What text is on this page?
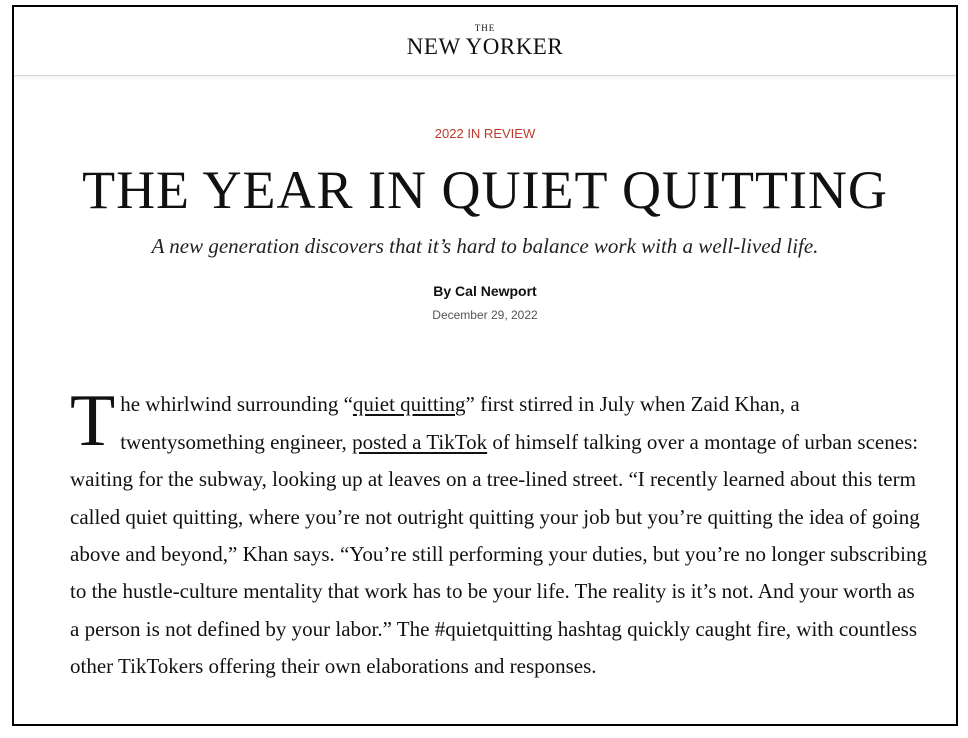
THE
NEW YORKER
2022 IN REVIEW
THE YEAR IN QUIET QUITTING

A new generation discovers that it’s hard to balance work with a well-lived life.

By Cal Newport
December 29, 2022
The whirlwind surrounding “quiet quitting” first stirred in July when Zaid Khan, a twentysomething engineer, posted a TikTok of himself talking over a montage of urban scenes: waiting for the subway, looking up at leaves on a tree-lined street. “I recently learned about this term called quiet quitting, where you’re not outright quitting your job but you’re quitting the idea of going above and beyond,” Khan says. “You’re still performing your duties, but you’re no longer subscribing to the hustle-culture mentality that work has to be your life. The reality is it’s not. And your worth as a person is not defined by your labor.” The #quietquitting hashtag quickly caught fire, with countless other TikTokers offering their own elaborations and responses.
